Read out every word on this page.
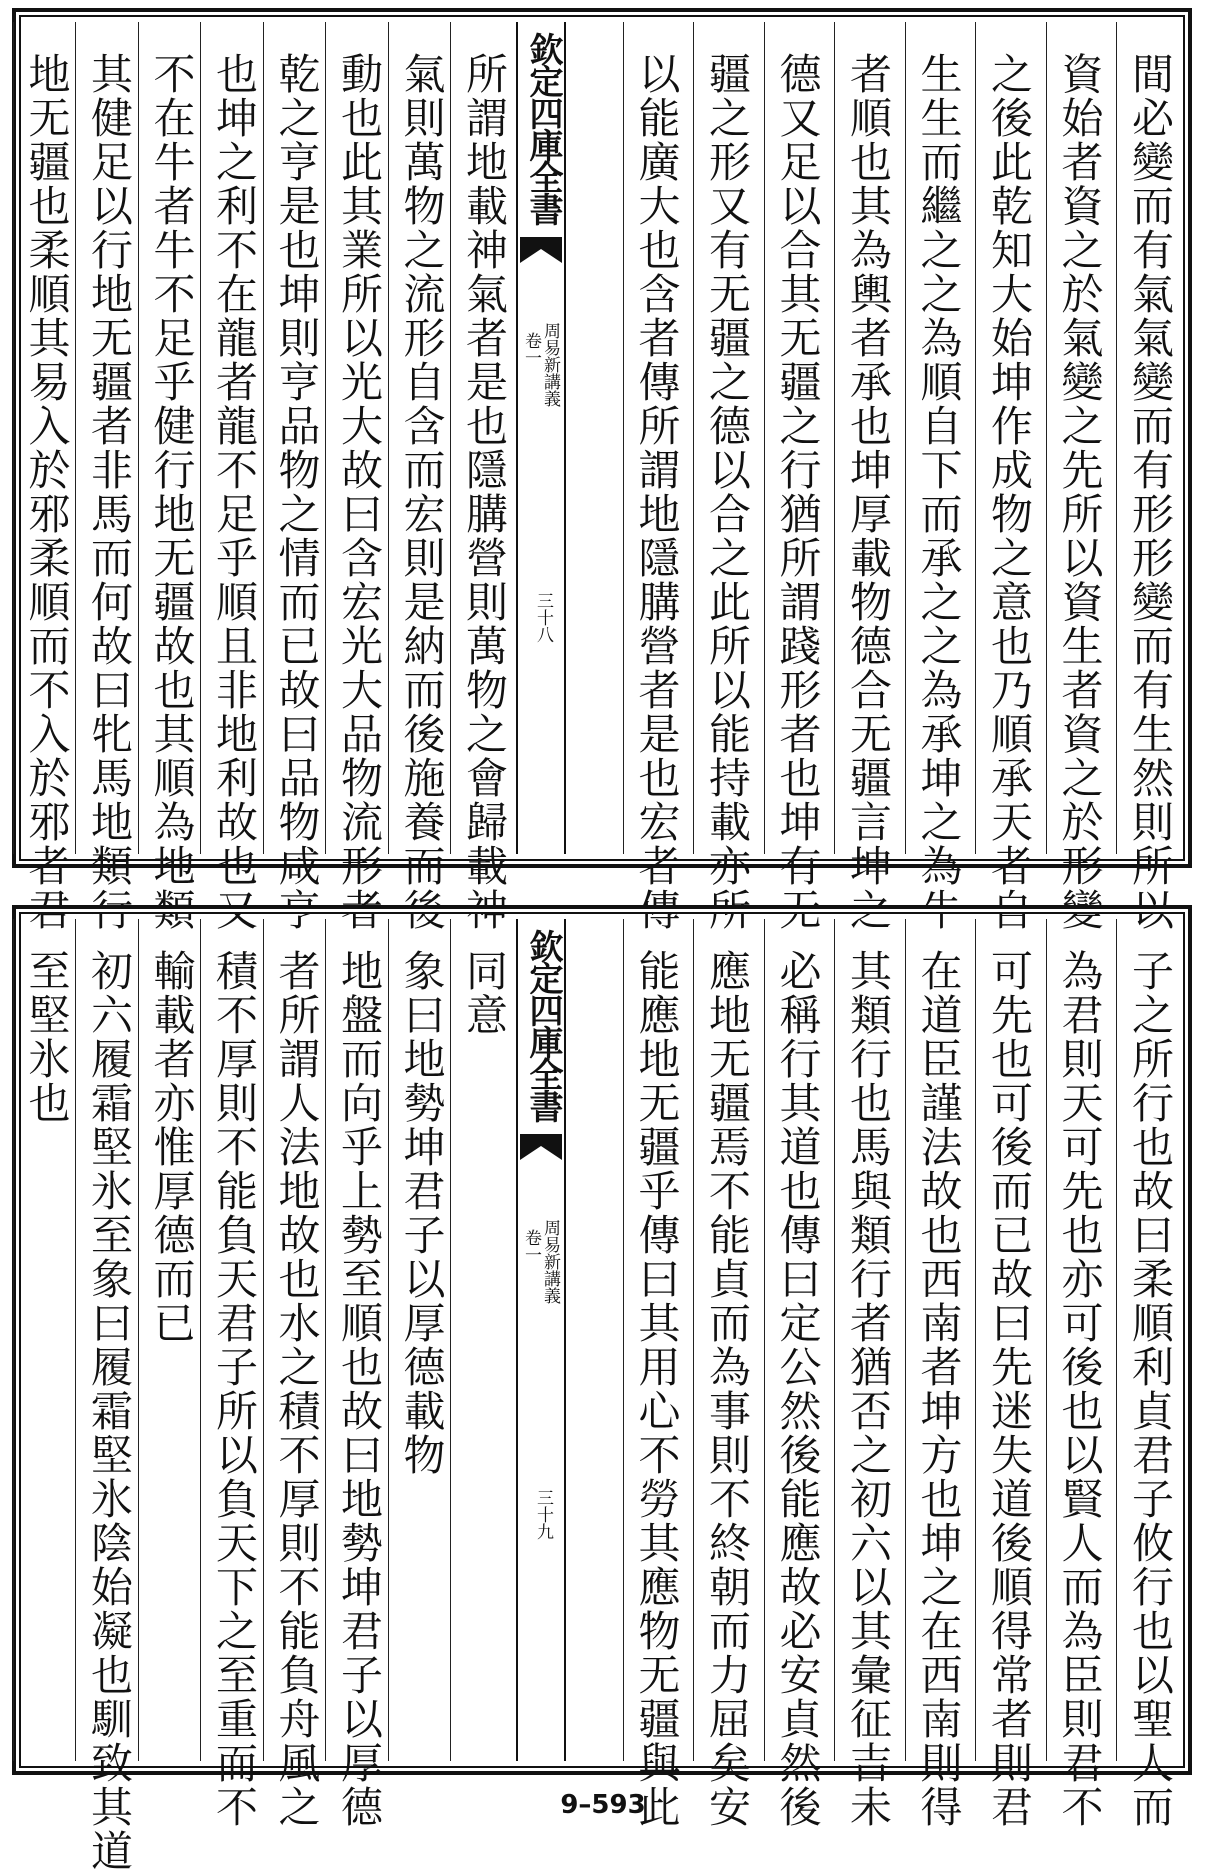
間必變而有氣氣變而有形形變而有生然則所以
資始者資之於氣變之先所以資生者資之於形變
之後此乾知大始坤作成物之意也乃順承天者自
生生而繼之之為順自下而承之之為承坤之為牛
者順也其為輿者承也坤厚載物德合无疆言坤之
德又足以合其无疆之行猶所謂踐形者也坤有无
疆之形又有无疆之德以合之此所以能持載亦所
以能廣大也含者傳所謂地隱䐟營者是也宏者傳
欽定四庫全書
周易新講義
卷一
三十八
所謂地載神氣者是也隱䐟營則萬物之會歸載神
氣則萬物之流形自含而宏則是納而後施養而後
動也此其業所以光大故曰含宏光大品物流形者
乾之亨是也坤則亨品物之情而已故曰品物咸亨
也坤之利不在龍者龍不足乎順且非地利故也又
不在牛者牛不足乎健行地无疆故也其順為地類
其健足以行地无疆者非馬而何故曰牝馬地類行
地无疆也柔順其易入於邪柔順而不入於邪者君
子之所行也故曰柔順利貞君子攸行也以聖人而
為君則天可先也亦可後也以賢人而為臣則君不
可先也可後而已故曰先迷失道後順得常者則君
在道臣謹法故也西南者坤方也坤之在西南則得
其類行也馬與類行者猶否之初六以其彙征吉未
必稱行其道也傳曰定公然後能應故必安貞然後
應地无疆焉不能貞而為事則不終朝而力屈矣安
能應地无疆乎傳曰其用心不勞其應物无疆與此
欽定四庫全書
周易新講義
卷一
三十九
同意
象曰地勢坤君子以厚德載物
地盤而向乎上勢至順也故曰地勢坤君子以厚德
者所謂人法地故也水之積不厚則不能負舟風之
積不厚則不能負天君子所以負天下之至重而不
輸載者亦惟厚德而已
初六履霜堅氷至象曰履霜堅氷陰始凝也馴致其道
至堅氷也
9–593
